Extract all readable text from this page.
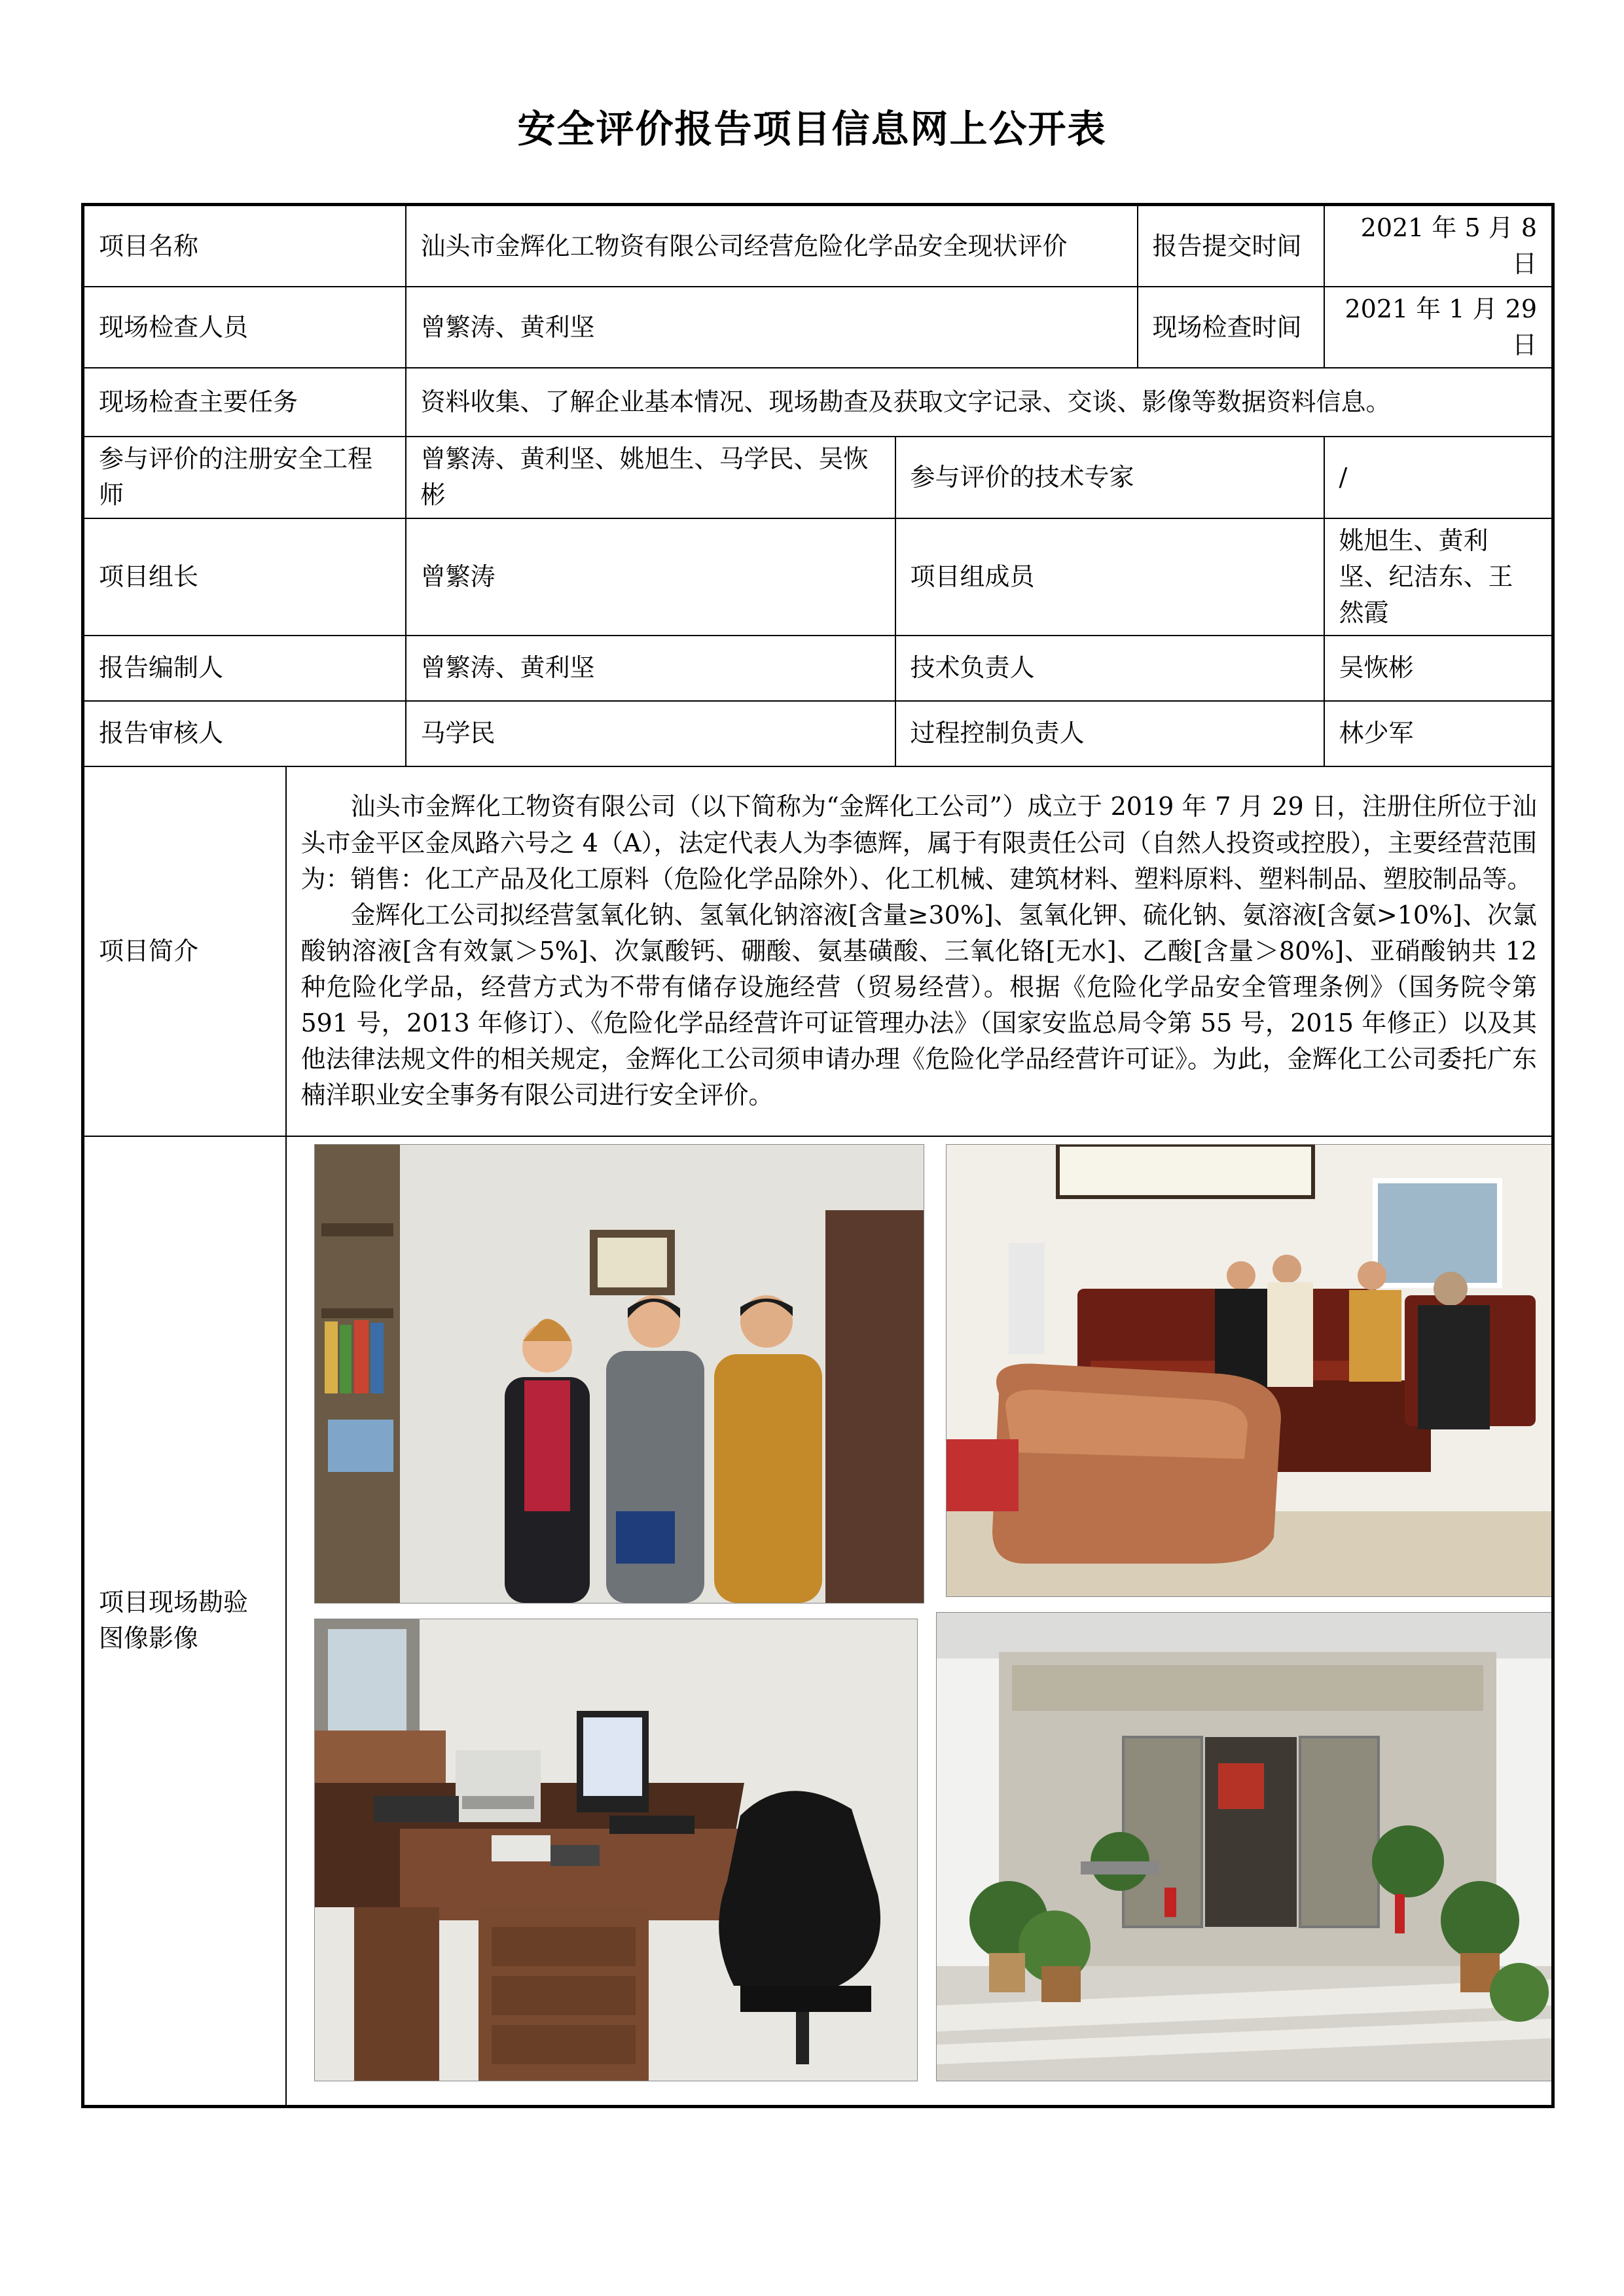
安全评价报告项目信息网上公开表
项目名称		汕头市金辉化工物资有限公司经营危险化学品安全现状评价		报告提交时间	2021 年 5 月 8 日
现场检查人员		曾繁涛、黄利坚		现场检查时间	2021 年 1 月 29 日
现场检查主要任务		资料收集、了解企业基本情况、现场勘查及获取文字记录、交谈、影像等数据资料信息。			
参与评价的注册安全工程师		曾繁涛、黄利坚、姚旭生、马学民、吴恢彬	参与评价的技术专家		/
项目组长		曾繁涛	项目组成员		姚旭生、黄利坚、纪洁东、王然霞
报告编制人		曾繁涛、黄利坚	技术负责人		吴恢彬
报告审核人		马学民	过程控制负责人		林少军
项目简介	汕头市金辉化工物资有限公司（以下简称为“金辉化工公司”）成立于 2019 年 7 月 29 日，注册住所位于汕头市金平区金凤路六号之 4（A），法定代表人为李德辉，属于有限责任公司（自然人投资或控股），主要经营范围为：销售：化工产品及化工原料（危险化学品除外）、化工机械、建筑材料、塑料原料、塑料制品、塑胶制品等。

金辉化工公司拟经营氢氧化钠、氢氧化钠溶液[含量≥30%]、氢氧化钾、硫化钠、氨溶液[含氨>10%]、次氯酸钠溶液[含有效氯＞5%]、次氯酸钙、硼酸、氨基磺酸、三氧化铬[无水]、乙酸[含量＞80%]、亚硝酸钠共 12 种危险化学品，经营方式为不带有储存设施经营（贸易经营）。根据《危险化学品安全管理条例》（国务院令第 591 号，2013 年修订）、《危险化学品经营许可证管理办法》（国家安监总局令第 55 号，2015 年修正）以及其他法律法规文件的相关规定，金辉化工公司须申请办理《危险化学品经营许可证》。为此，金辉化工公司委托广东楠洋职业安全事务有限公司进行安全评价。				

项目现场勘验图像影像	
